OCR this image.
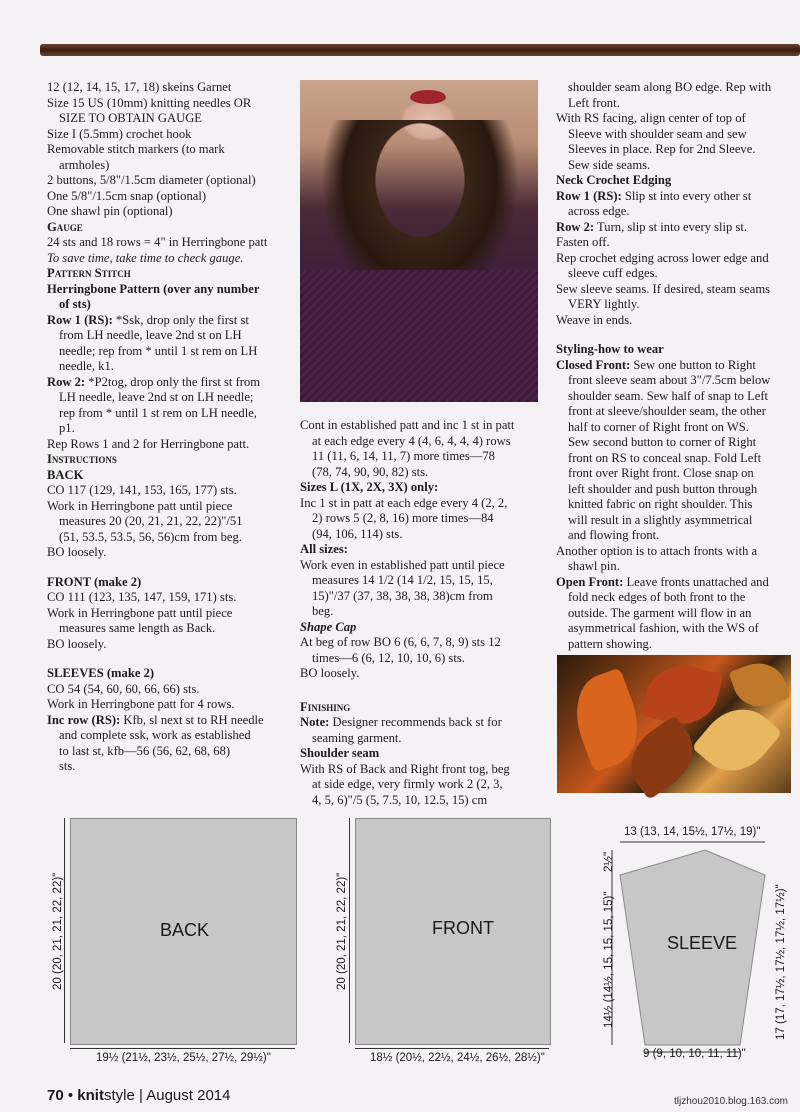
12 (12, 14, 15, 17, 18) skeins Garnet

Size 15 US (10mm) knitting needles OR

SIZE TO OBTAIN GAUGE

Size I (5.5mm) crochet hook

Removable stitch markers (to mark

armholes)

2 buttons, 5/8"/1.5cm diameter (optional)

One 5/8"/1.5cm snap (optional)

One shawl pin (optional)

Gauge

24 sts and 18 rows = 4" in Herringbone patt

To save time, take time to check gauge.

Pattern Stitch

Herringbone Pattern (over any number

of sts)

Row 1 (RS): *Ssk, drop only the first st

from LH needle, leave 2nd st on LH

needle; rep from * until 1 st rem on LH

needle, k1.

Row 2: *P2tog, drop only the first st from

LH needle, leave 2nd st on LH needle;

rep from * until 1 st rem on LH needle,

p1.

Rep Rows 1 and 2 for Herringbone patt.

Instructions

BACK

CO 117 (129, 141, 153, 165, 177) sts.

Work in Herringbone patt until piece

measures 20 (20, 21, 21, 22, 22)"/51

(51, 53.5, 53.5, 56, 56)cm from beg.

BO loosely.

FRONT (make 2)

CO 111 (123, 135, 147, 159, 171) sts.

Work in Herringbone patt until piece

measures same length as Back.

BO loosely.

SLEEVES (make 2)

CO 54 (54, 60, 60, 66, 66) sts.

Work in Herringbone patt for 4 rows.

Inc row (RS): Kfb, sl next st to RH needle

and complete ssk, work as established

to last st, kfb—56 (56, 62, 68, 68)

sts.

Cont in established patt and inc 1 st in patt

at each edge every 4 (4, 6, 4, 4, 4) rows

11 (11, 6, 14, 11, 7) more times—78

(78, 74, 90, 90, 82) sts.

Sizes L (1X, 2X, 3X) only:

Inc 1 st in patt at each edge every 4 (2, 2,

2) rows 5 (2, 8, 16) more times—84

(94, 106, 114) sts.

All sizes:

Work even in established patt until piece

measures 14 1/2 (14 1/2, 15, 15, 15,

15)"/37 (37, 38, 38, 38, 38)cm from

beg.

Shape Cap

At beg of row BO 6 (6, 6, 7, 8, 9) sts 12

times—6 (6, 12, 10, 10, 6) sts.

BO loosely.

Finishing

Note: Designer recommends back st for

seaming garment.

Shoulder seam

With RS of Back and Right front tog, beg

at side edge, very firmly work 2 (2, 3,

4, 5, 6)"/5 (5, 7.5, 10, 12.5, 15) cm

shoulder seam along BO edge. Rep with

Left front.

With RS facing, align center of top of

Sleeve with shoulder seam and sew

Sleeves in place. Rep for 2nd Sleeve.

Sew side seams.

Neck Crochet Edging

Row 1 (RS): Slip st into every other st

across edge.

Row 2: Turn, slip st into every slip st.

Fasten off.

Rep crochet edging across lower edge and

sleeve cuff edges.

Sew sleeve seams. If desired, steam seams

VERY lightly.

Weave in ends.

Styling-how to wear

Closed Front: Sew one button to Right

front sleeve seam about 3"/7.5cm below

shoulder seam. Sew half of snap to Left

front at sleeve/shoulder seam, the other

half to corner of Right front on WS.

Sew second button to corner of Right

front on RS to conceal snap. Fold Left

front over Right front. Close snap on

left shoulder and push button through

knitted fabric on right shoulder. This

will result in a slightly asymmetrical

and flowing front.

Another option is to attach fronts with a

shawl pin.

Open Front: Leave fronts unattached and

fold neck edges of both front to the

outside. The garment will flow in an

asymmetrical fashion, with the WS of

pattern showing.

BACK
20 (20, 21, 21, 22, 22)"
19½ (21½, 23½, 25½, 27½, 29½)"
FRONT
20 (20, 21, 21, 22, 22)"
18½ (20½, 22½, 24½, 26½, 28½)"
13 (13, 14, 15½, 17½, 19)"
2½"
14½ (14½, 15, 15, 15, 15)"	17 (17, 17½, 17½, 17½, 17½)"
SLEEVE
9 (9, 10, 10, 11, 11)"
70 • knitstyle | August 2014	tljzhou2010.blog.163.com
